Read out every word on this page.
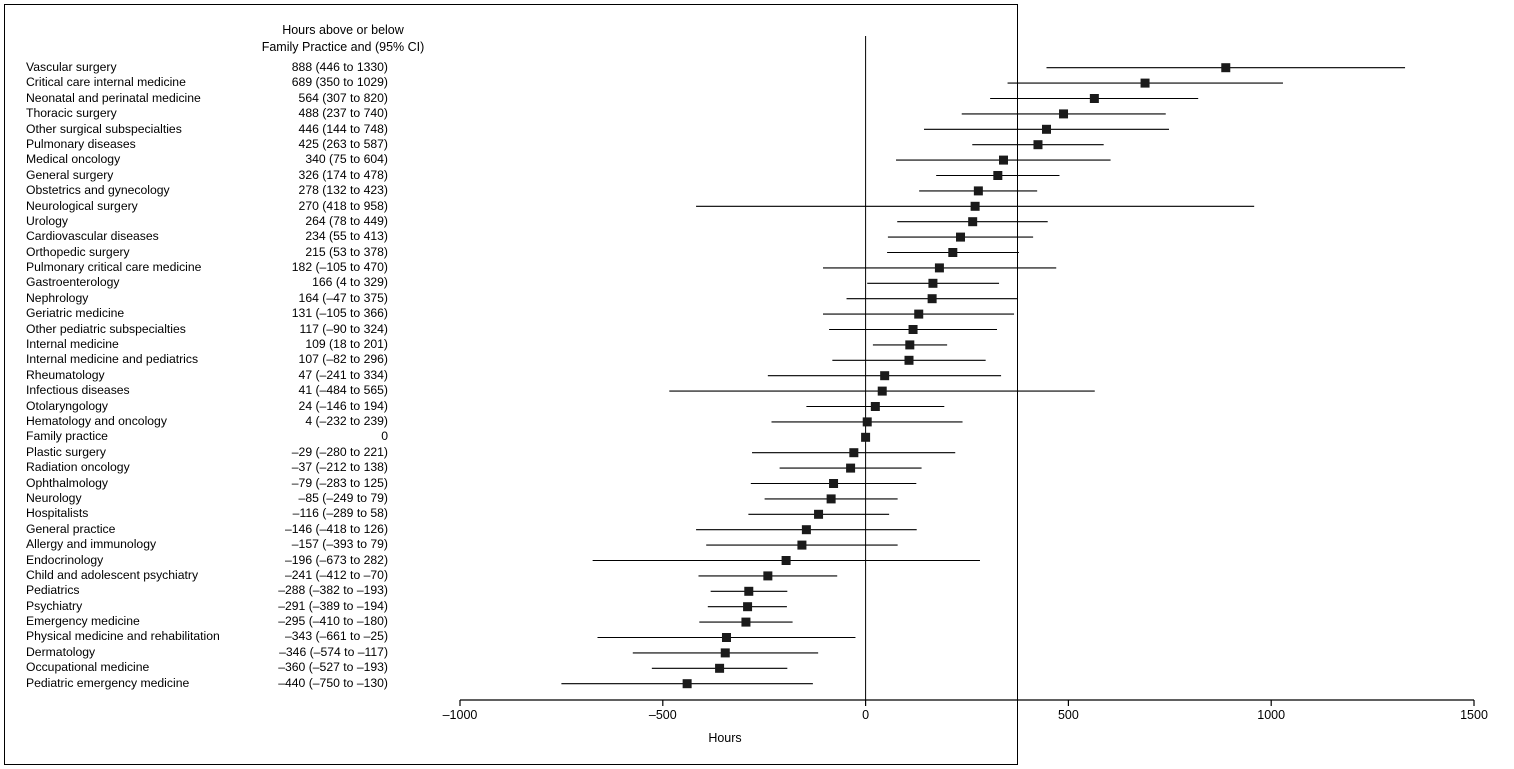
Hours above or below
Family Practice and (95% CI)
Vascular surgery	888 (446 to 1330)
Critical care internal medicine	689 (350 to 1029)
Neonatal and perinatal medicine	564 (307 to 820)
Thoracic surgery	488 (237 to 740)
Other surgical subspecialties	446 (144 to 748)
Pulmonary diseases	425 (263 to 587)
Medical oncology	340 (75 to 604)
General surgery	326 (174 to 478)
Obstetrics and gynecology	278 (132 to 423)
Neurological surgery	270 (418 to 958)
Urology	264 (78 to 449)
Cardiovascular diseases	234 (55 to 413)
Orthopedic surgery	215 (53 to 378)
Pulmonary critical care medicine	182 (–105 to 470)
Gastroenterology	166 (4 to 329)
Nephrology	164 (–47 to 375)
Geriatric medicine	131 (–105 to 366)
Other pediatric subspecialties	117 (–90 to 324)
Internal medicine	109 (18 to 201)
Internal medicine and pediatrics	107 (–82 to 296)
Rheumatology	47 (–241 to 334)
Infectious diseases	41 (–484 to 565)
Otolaryngology	24 (–146 to 194)
Hematology and oncology	4 (–232 to 239)
Family practice	0
Plastic surgery	–29 (–280 to 221)
Radiation oncology	–37 (–212 to 138)
Ophthalmology	–79 (–283 to 125)
Neurology	–85 (–249 to 79)
Hospitalists	–116 (–289 to 58)
General practice	–146 (–418 to 126)
Allergy and immunology	–157 (–393 to 79)
Endocrinology	–196 (–673 to 282)
Child and adolescent psychiatry	–241 (–412 to –70)
Pediatrics	–288 (–382 to –193)
Psychiatry	–291 (–389 to –194)
Emergency medicine	–295 (–410 to –180)
Physical medicine and rehabilitation	–343 (–661 to –25)
Dermatology	–346 (–574 to –117)
Occupational medicine	–360 (–527 to –193)
Pediatric emergency medicine	–440 (–750 to –130)
Hours
–1000	–500	0	500	1000	1500
